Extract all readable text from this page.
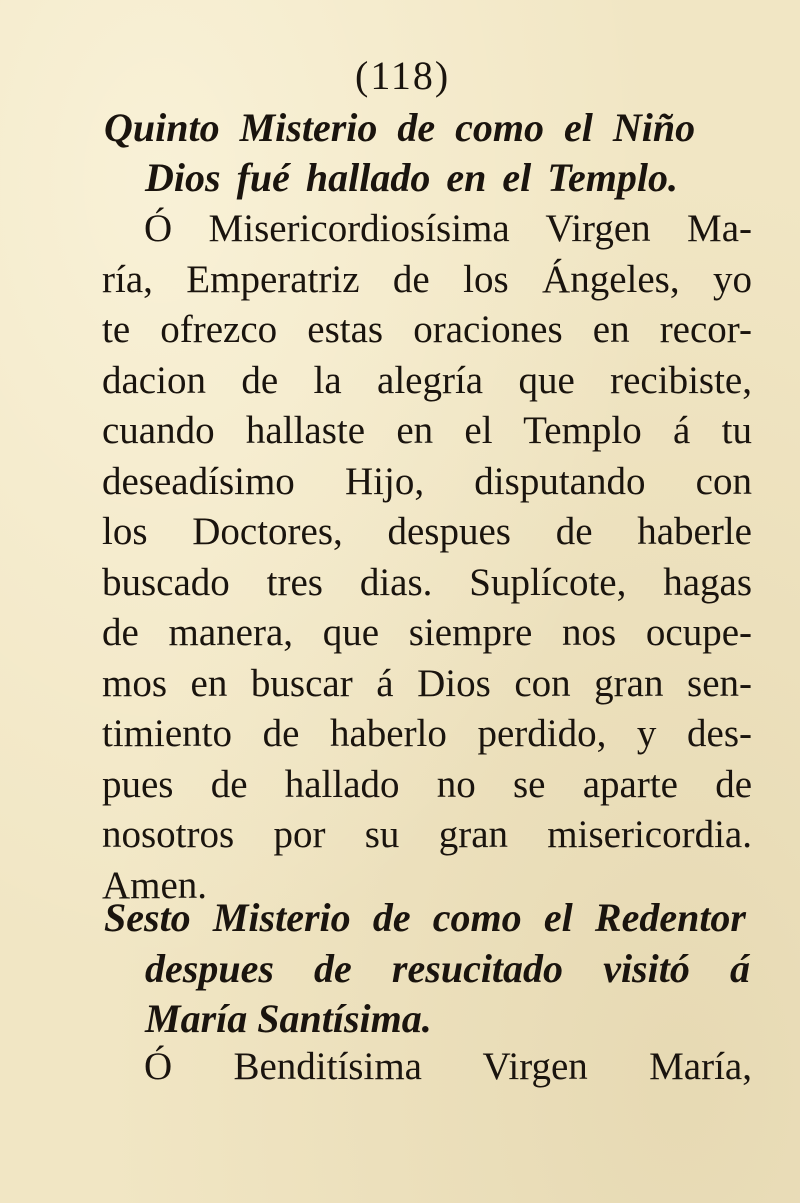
(118)
Quinto Misterio de como el Niño
Dios fué hallado en el Templo.
Ó Misericordiosísima Virgen Ma-
ría, Emperatriz de los Ángeles, yo
te ofrezco estas oraciones en recor-
dacion de la alegría que recibiste,
cuando hallaste en el Templo á tu
deseadísimo Hijo, disputando con
los Doctores, despues de haberle
buscado tres dias. Suplícote, hagas
de manera, que siempre nos ocupe-
mos en buscar á Dios con gran sen-
timiento de haberlo perdido, y des-
pues de hallado no se aparte de
nosotros por su gran misericordia.
Amen.
Sesto Misterio de como el Redentor
despues de resucitado visitó á
María Santísima.
Ó Benditísima Virgen María,
